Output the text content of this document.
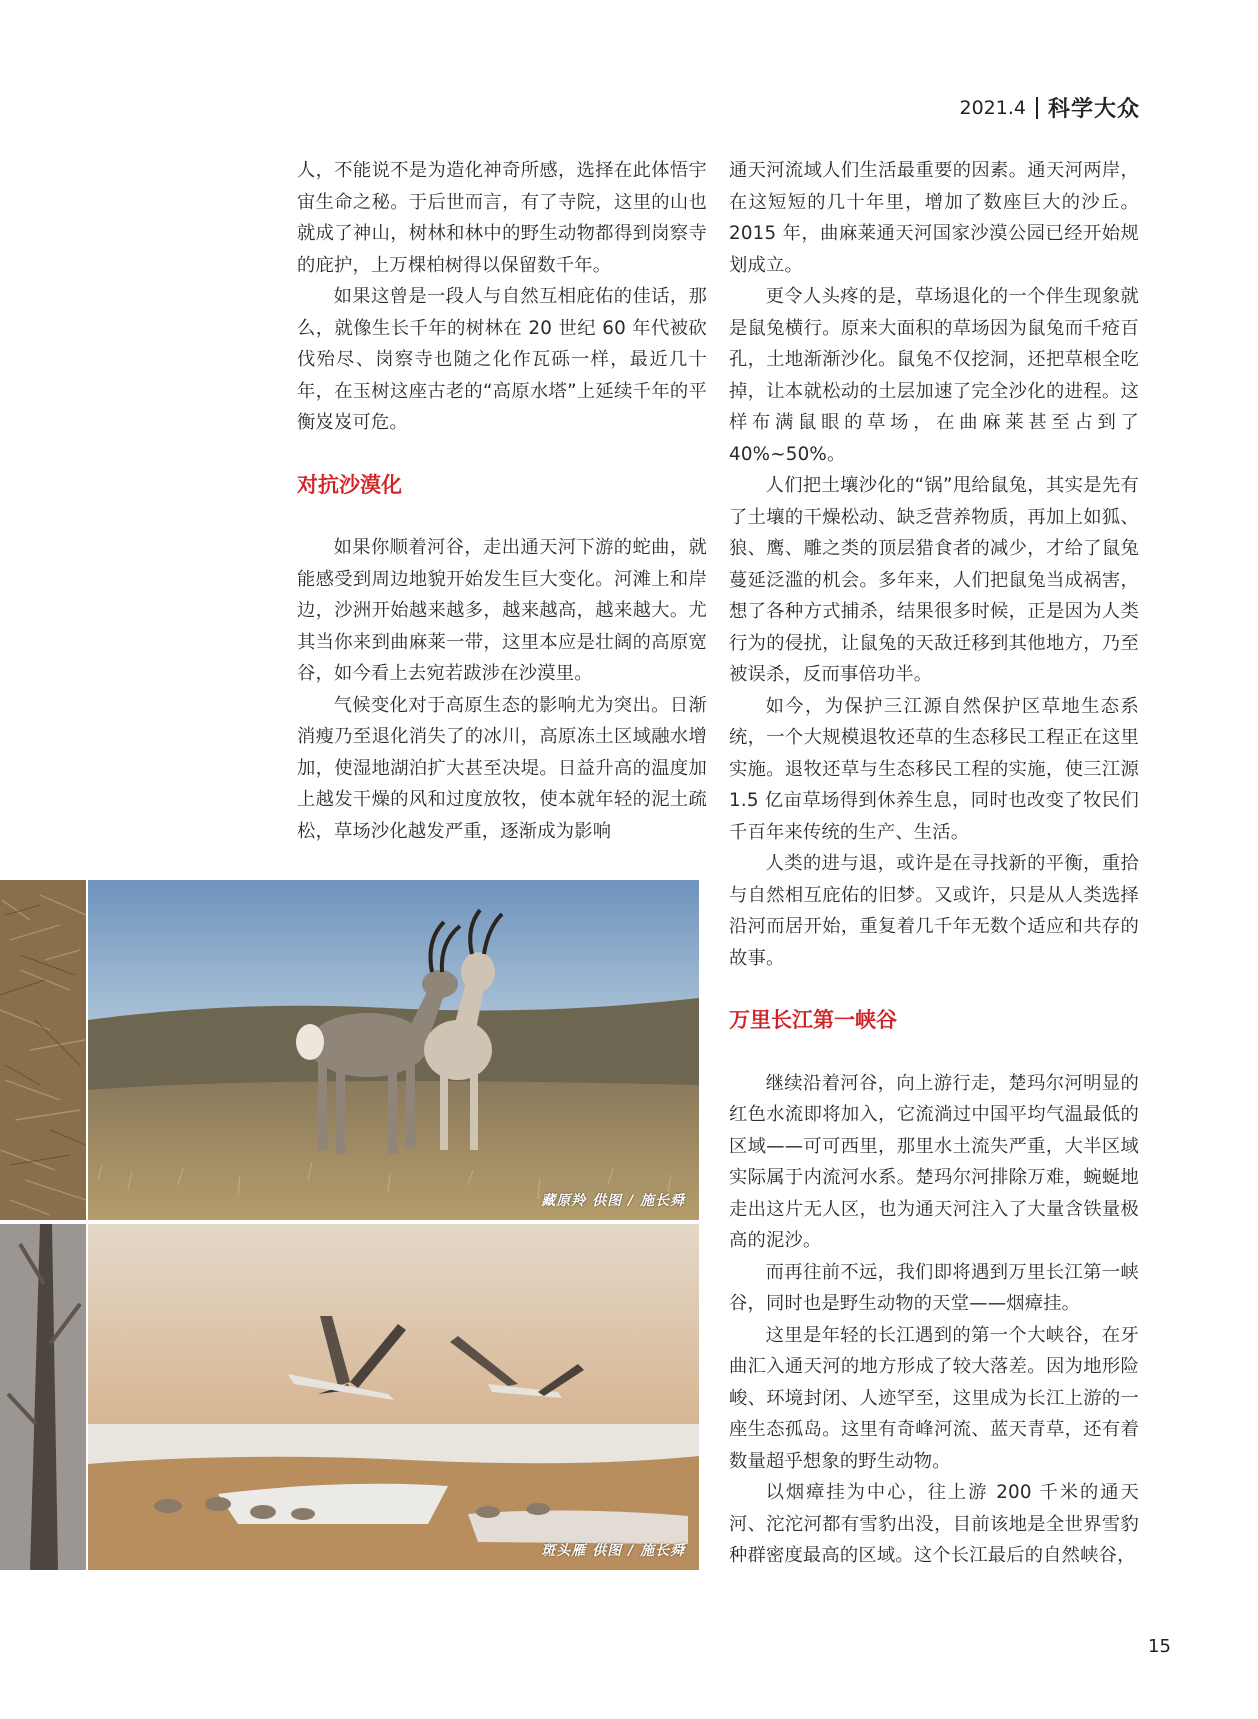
2021.4 科学大众

人，不能说不是为造化神奇所感，选择在此体悟宇宙生命之秘。于后世而言，有了寺院，这里的山也就成了神山，树林和林中的野生动物都得到岗察寺的庇护，上万棵柏树得以保留数千年。

如果这曾是一段人与自然互相庇佑的佳话，那么，就像生长千年的树林在 20 世纪 60 年代被砍伐殆尽、岗察寺也随之化作瓦砾一样，最近几十年，在玉树这座古老的“高原水塔”上延续千年的平衡岌岌可危。

对抗沙漠化

如果你顺着河谷，走出通天河下游的蛇曲，就能感受到周边地貌开始发生巨大变化。河滩上和岸边，沙洲开始越来越多，越来越高，越来越大。尤其当你来到曲麻莱一带，这里本应是壮阔的高原宽谷，如今看上去宛若跋涉在沙漠里。

气候变化对于高原生态的影响尤为突出。日渐消瘦乃至退化消失了的冰川，高原冻土区域融水增加，使湿地湖泊扩大甚至决堤。日益升高的温度加上越发干燥的风和过度放牧，使本就年轻的泥土疏松，草场沙化越发严重，逐渐成为影响

通天河流域人们生活最重要的因素。通天河两岸，在这短短的几十年里，增加了数座巨大的沙丘。2015 年，曲麻莱通天河国家沙漠公园已经开始规划成立。

更令人头疼的是，草场退化的一个伴生现象就是鼠兔横行。原来大面积的草场因为鼠兔而千疮百孔，土地渐渐沙化。鼠兔不仅挖洞，还把草根全吃掉，让本就松动的土层加速了完全沙化的进程。这样布满鼠眼的草场，在曲麻莱甚至占到了 40%~50%。

人们把土壤沙化的“锅”甩给鼠兔，其实是先有了土壤的干燥松动、缺乏营养物质，再加上如狐、狼、鹰、雕之类的顶层猎食者的减少，才给了鼠兔蔓延泛滥的机会。多年来，人们把鼠兔当成祸害，想了各种方式捕杀，结果很多时候，正是因为人类行为的侵扰，让鼠兔的天敌迁移到其他地方，乃至被误杀，反而事倍功半。

如今，为保护三江源自然保护区草地生态系统，一个大规模退牧还草的生态移民工程正在这里实施。退牧还草与生态移民工程的实施，使三江源 1.5 亿亩草场得到休养生息，同时也改变了牧民们千百年来传统的生产、生活。

人类的进与退，或许是在寻找新的平衡，重拾与自然相互庇佑的旧梦。又或许，只是从人类选择沿河而居开始，重复着几千年无数个适应和共存的故事。

万里长江第一峡谷

继续沿着河谷，向上游行走，楚玛尔河明显的红色水流即将加入，它流淌过中国平均气温最低的区域——可可西里，那里水土流失严重，大半区域实际属于内流河水系。楚玛尔河排除万难，蜿蜒地走出这片无人区，也为通天河注入了大量含铁量极高的泥沙。

而再往前不远，我们即将遇到万里长江第一峡谷，同时也是野生动物的天堂——烟瘴挂。

这里是年轻的长江遇到的第一个大峡谷，在牙曲汇入通天河的地方形成了较大落差。因为地形险峻、环境封闭、人迹罕至，这里成为长江上游的一座生态孤岛。这里有奇峰河流、蓝天青草，还有着数量超乎想象的野生动物。

以烟瘴挂为中心，往上游 200 千米的通天河、沱沱河都有雪豹出没，目前该地是全世界雪豹种群密度最高的区域。这个长江最后的自然峡谷，

藏原羚 供图 / 施长舜
斑头雁 供图 / 施长舜
15
